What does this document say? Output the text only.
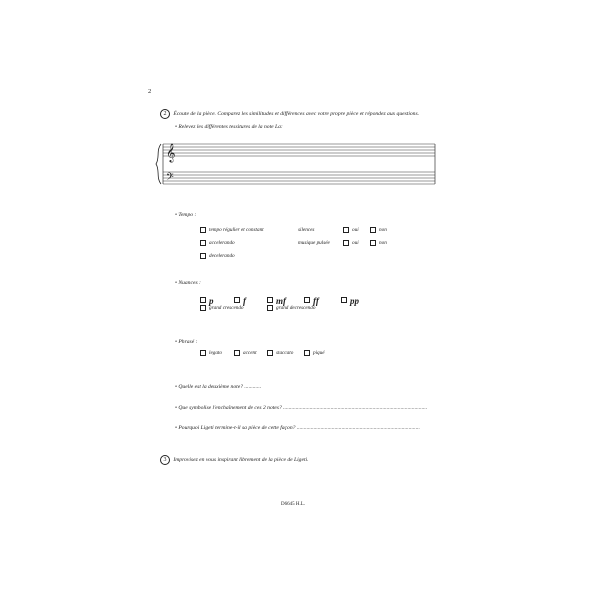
2
2 Écoute de la pièce. Comparez les similitudes et différences avec votre propre pièce et répondez aux questions.
• Relevez les différentes tessitures de la note La:
𝄞
𝄢
• Tempo :
tempo régulier et constant
accelerando
decelerando
silences	oui	non
musique pulsée	oui	non
• Nuances :
p	f	mf	ff	pp
grand crescendo	grand decrescendo
• Phrasé :
legato	accent	staccato	piqué
• Quelle est la deuxième note? ............
• Que symbolise l'enchaînement de ces 2 notes? .......................................................................................................
• Pourquoi Ligeti termine-t-il sa pièce de cette façon? ........................................................................................
3 Improvisez en vous inspirant librement de la pièce de Ligeti.
D6645 H.L.
